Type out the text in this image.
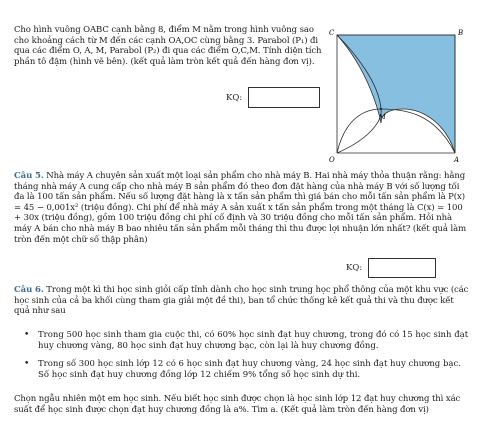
Cho hình vuông OABC cạnh bằng 8, điểm M nằm trong hình vuông sao cho khoảng cách từ M đến các cạnh OA,OC cùng bằng 3. Parabol (P₁) đi qua các điểm O, A, M, Parabol (P₂) đi qua các điểm O,C,M. Tính diện tích phần tô đậm (hình vẽ bên). (kết quả làm tròn kết quả đến hàng đơn vị).
KQ:
C	B
O	A
M
Câu 5. Nhà máy A chuyên sản xuất một loại sản phẩm cho nhà máy B. Hai nhà máy thỏa thuận rằng: hằng tháng nhà máy A cung cấp cho nhà máy B sản phẩm đó theo đơn đặt hàng của nhà máy B với số lượng tối đa là 100 tấn sản phẩm. Nếu số lượng đặt hàng là x tấn sản phẩm thì giá bán cho mỗi tấn sản phẩm là P(x) = 45 − 0,001x² (triệu đồng). Chi phí để nhà máy A sản xuất x tấn sản phẩm trong một tháng là C(x) = 100 + 30x (triệu đồng), gồm 100 triệu đồng chi phí cố định và 30 triệu đồng cho mỗi tấn sản phẩm. Hỏi nhà máy A bán cho nhà máy B bao nhiêu tấn sản phẩm mỗi tháng thì thu được lợi nhuận lớn nhất? (kết quả làm tròn đến một chữ số thập phân)
KQ:
Câu 6. Trong một kì thi học sinh giỏi cấp tỉnh dành cho học sinh trung học phổ thông của một khu vực (các học sinh của cả ba khối cùng tham gia giải một đề thi), ban tổ chức thống kê kết quả thi và thu được kết quả như sau
• Trong 500 học sinh tham gia cuộc thi, có 60% học sinh đạt huy chương, trong đó có 15 học sinh đạt huy chương vàng, 80 học sinh đạt huy chương bạc, còn lại là huy chương đồng.
• Trong số 300 học sinh lớp 12 có 6 học sinh đạt huy chương vàng, 24 học sinh đạt huy chương bạc. Số học sinh đạt huy chương đồng lớp 12 chiếm 9% tổng số học sinh dự thi.
Chọn ngẫu nhiên một em học sinh. Nếu biết học sinh được chọn là học sinh lớp 12 đạt huy chương thì xác suất để học sinh được chọn đạt huy chương đồng là a%. Tìm a. (Kết quả làm tròn đến hàng đơn vị)
